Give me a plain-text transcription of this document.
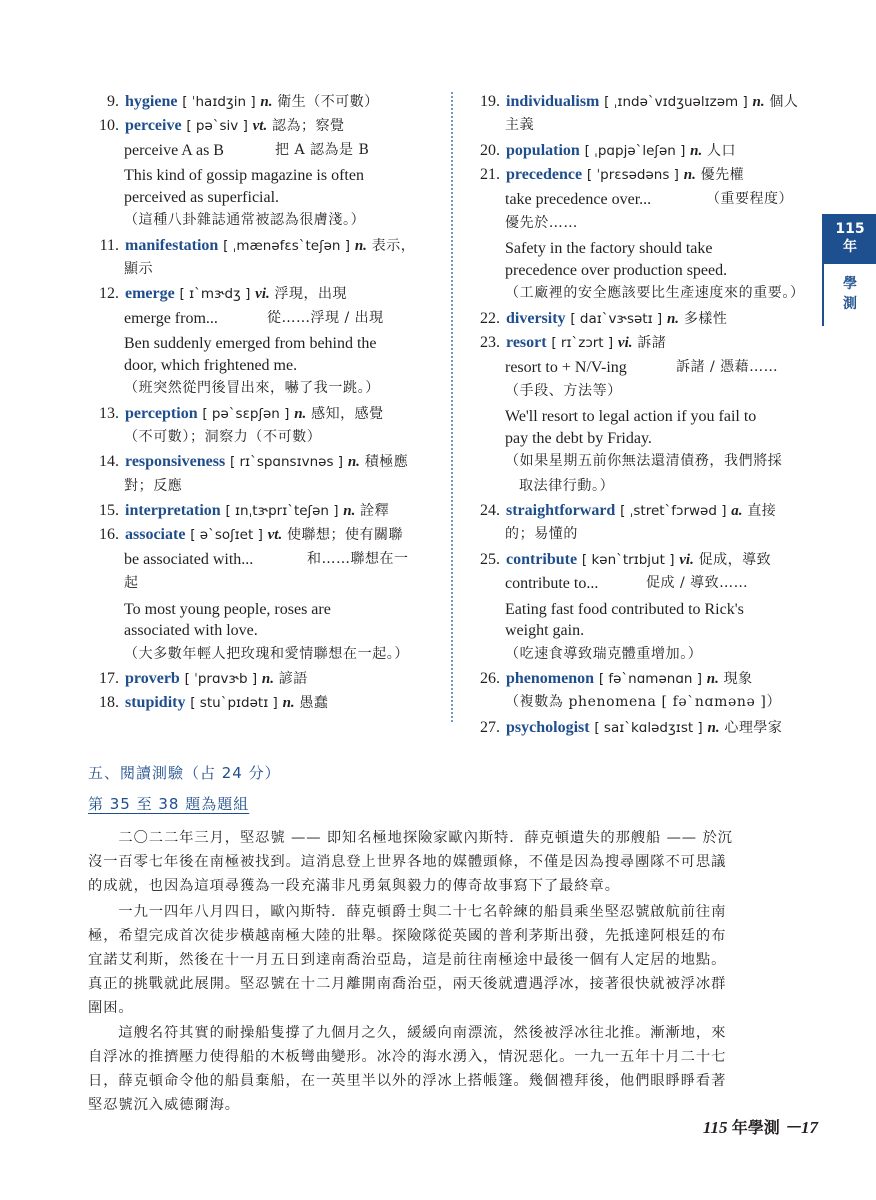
9. hygiene [ ˈhaɪdʒin ] n. 衛生（不可數）
10. perceive [ pəˋsiv ] vt. 認為；察覺
perceive A as B	把 A 認為是 B
This kind of gossip magazine is often
perceived as superficial.
（這種八卦雜誌通常被認為很膚淺。）
11. manifestation [ ˌmænəfɛsˋteʃən ] n. 表示，
顯示
12. emerge [ ɪˋmɝdʒ ] vi. 浮現，出現
emerge from...	從……浮現 / 出現
Ben suddenly emerged from behind the
door, which frightened me.
（班突然從門後冒出來，嚇了我一跳。）
13. perception [ pəˋsɛpʃən ] n. 感知，感覺
（不可數）；洞察力（不可數）
14. responsiveness [ rɪˋspɑnsɪvnəs ] n. 積極應
對；反應
15. interpretation [ ɪnˌtɝprɪˋteʃən ] n. 詮釋
16. associate [ əˋsoʃɪet ] vt. 使聯想；使有關聯
be associated with...	和……聯想在一
起
To most young people, roses are
associated with love.
（大多數年輕人把玫瑰和愛情聯想在一起。）
17. proverb [ ˈprɑvɝb ] n. 諺語
18. stupidity [ stuˋpɪdətɪ ] n. 愚蠢
19. individualism [ ˌɪndəˋvɪdʒuəlɪzəm ] n. 個人
主義
20. population [ ˌpɑpjəˋleʃən ] n. 人口
21. precedence [ ˈprɛsədəns ] n. 優先權
take precedence over...	（重要程度）
優先於……
Safety in the factory should take
precedence over production speed.
（工廠裡的安全應該要比生產速度來的重要。）
22. diversity [ daɪˋvɝsətɪ ] n. 多樣性
23. resort [ rɪˋzɔrt ] vi. 訴諸
resort to + N/V-ing	訴諸 / 憑藉……
（手段、方法等）
We'll resort to legal action if you fail to
pay the debt by Friday.
（如果星期五前你無法還清債務，我們將採
取法律行動。）
24. straightforward [ ˌstretˋfɔrwəd ] a. 直接
的；易懂的
25. contribute [ kənˋtrɪbjut ] vi. 促成，導致
contribute to...	促成 / 導致……
Eating fast food contributed to Rick's
weight gain.
（吃速食導致瑞克體重增加。）
26. phenomenon [ fəˋnɑmənɑn ] n. 現象
（複數為 phenomena [ fəˋnɑmənə ]）
27. psychologist [ saɪˋkɑlədʒɪst ] n. 心理學家
115
年
學
測
五、閱讀測驗（占 24 分）
第 35 至 38 題為題組
　　二〇二二年三月，堅忍號 —— 即知名極地探險家歐內斯特．薛克頓遺失的那艘船 —— 於沉
沒一百零七年後在南極被找到。這消息登上世界各地的媒體頭條，不僅是因為搜尋團隊不可思議
的成就，也因為這項尋獲為一段充滿非凡勇氣與毅力的傳奇故事寫下了最終章。
　　一九一四年八月四日，歐內斯特．薛克頓爵士與二十七名幹練的船員乘坐堅忍號啟航前往南
極，希望完成首次徒步橫越南極大陸的壯舉。探險隊從英國的普利茅斯出發，先抵達阿根廷的布
宜諾艾利斯，然後在十一月五日到達南喬治亞島，這是前往南極途中最後一個有人定居的地點。
真正的挑戰就此展開。堅忍號在十二月離開南喬治亞，兩天後就遭遇浮冰，接著很快就被浮冰群
圍困。
　　這艘名符其實的耐操船隻撐了九個月之久，緩緩向南漂流，然後被浮冰往北推。漸漸地，來
自浮冰的推擠壓力使得船的木板彎曲變形。冰冷的海水湧入，情況惡化。一九一五年十月二十七
日，薛克頓命令他的船員棄船，在一英里半以外的浮冰上搭帳篷。幾個禮拜後，他們眼睜睜看著
堅忍號沉入威德爾海。
115 年學測 －17
